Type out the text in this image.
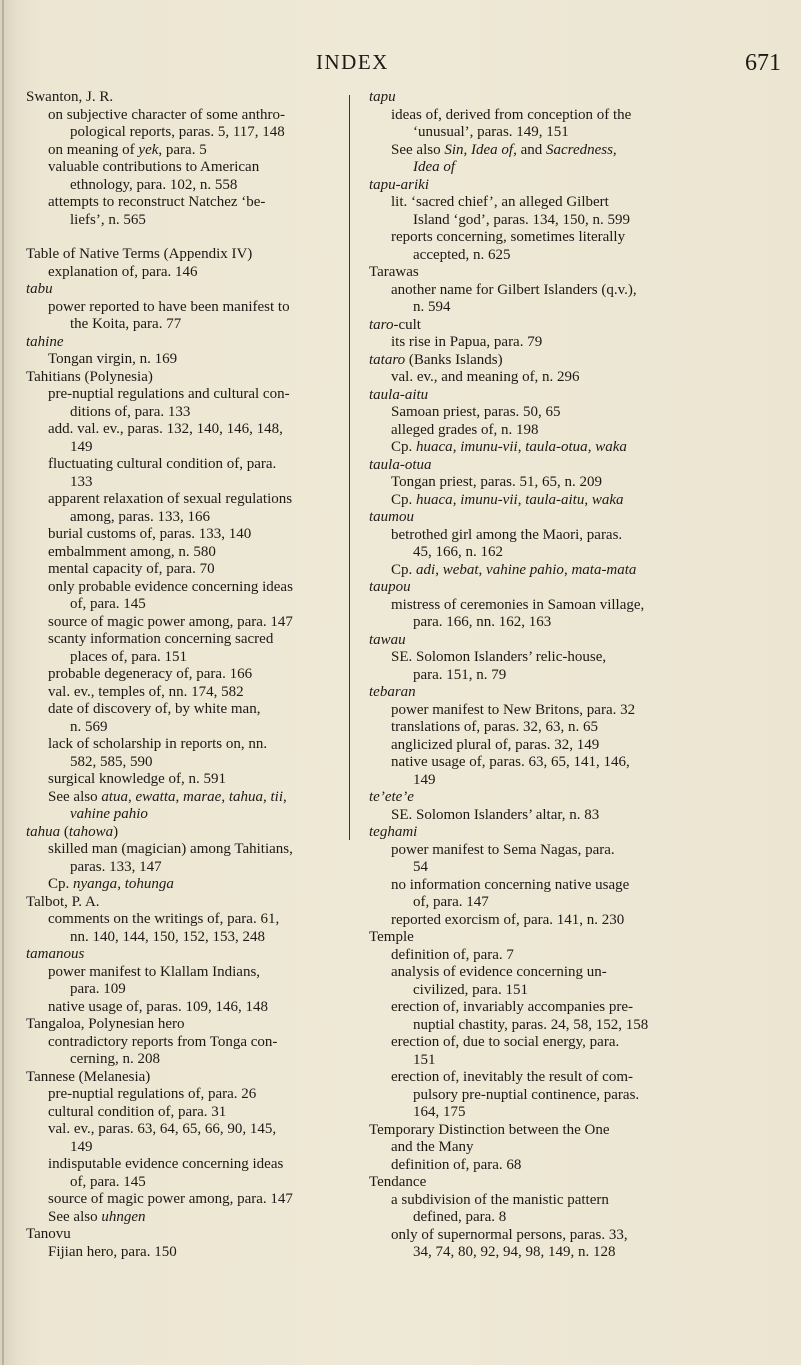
INDEX	671
Swanton, J. R.
on subjective character of some anthro-
pological reports, paras. 5, 117, 148
on meaning of yek, para. 5
valuable contributions to American
ethnology, para. 102, n. 558
attempts to reconstruct Natchez ‘be-
liefs’, n. 565
Table of Native Terms (Appendix IV)
explanation of, para. 146
tabu
power reported to have been manifest to
the Koita, para. 77
tahine
Tongan virgin, n. 169
Tahitians (Polynesia)
pre-nuptial regulations and cultural con-
ditions of, para. 133
add. val. ev., paras. 132, 140, 146, 148,
149
fluctuating cultural condition of, para.
133
apparent relaxation of sexual regulations
among, paras. 133, 166
burial customs of, paras. 133, 140
embalmment among, n. 580
mental capacity of, para. 70
only probable evidence concerning ideas
of, para. 145
source of magic power among, para. 147
scanty information concerning sacred
places of, para. 151
probable degeneracy of, para. 166
val. ev., temples of, nn. 174, 582
date of discovery of, by white man,
n. 569
lack of scholarship in reports on, nn.
582, 585, 590
surgical knowledge of, n. 591
See also atua, ewatta, marae, tahua, tii,
vahine pahio
tahua (tahowa)
skilled man (magician) among Tahitians,
paras. 133, 147
Cp. nyanga, tohunga
Talbot, P. A.
comments on the writings of, para. 61,
nn. 140, 144, 150, 152, 153, 248
tamanous
power manifest to Klallam Indians,
para. 109
native usage of, paras. 109, 146, 148
Tangaloa, Polynesian hero
contradictory reports from Tonga con-
cerning, n. 208
Tannese (Melanesia)
pre-nuptial regulations of, para. 26
cultural condition of, para. 31
val. ev., paras. 63, 64, 65, 66, 90, 145,
149
indisputable evidence concerning ideas
of, para. 145
source of magic power among, para. 147
See also uhngen
Tanovu
Fijian hero, para. 150
tapu
ideas of, derived from conception of the
‘unusual’, paras. 149, 151
See also Sin, Idea of, and Sacredness,
Idea of
tapu-ariki
lit. ‘sacred chief’, an alleged Gilbert
Island ‘god’, paras. 134, 150, n. 599
reports concerning, sometimes literally
accepted, n. 625
Tarawas
another name for Gilbert Islanders (q.v.),
n. 594
taro-cult
its rise in Papua, para. 79
tataro (Banks Islands)
val. ev., and meaning of, n. 296
taula-aitu
Samoan priest, paras. 50, 65
alleged grades of, n. 198
Cp. huaca, imunu-vii, taula-otua, waka
taula-otua
Tongan priest, paras. 51, 65, n. 209
Cp. huaca, imunu-vii, taula-aitu, waka
taumou
betrothed girl among the Maori, paras.
45, 166, n. 162
Cp. adi, webat, vahine pahio, mata-mata
taupou
mistress of ceremonies in Samoan village,
para. 166, nn. 162, 163
tawau
SE. Solomon Islanders’ relic-house,
para. 151, n. 79
tebaran
power manifest to New Britons, para. 32
translations of, paras. 32, 63, n. 65
anglicized plural of, paras. 32, 149
native usage of, paras. 63, 65, 141, 146,
149
te’ete’e
SE. Solomon Islanders’ altar, n. 83
teghami
power manifest to Sema Nagas, para.
54
no information concerning native usage
of, para. 147
reported exorcism of, para. 141, n. 230
Temple
definition of, para. 7
analysis of evidence concerning un-
civilized, para. 151
erection of, invariably accompanies pre-
nuptial chastity, paras. 24, 58, 152, 158
erection of, due to social energy, para.
151
erection of, inevitably the result of com-
pulsory pre-nuptial continence, paras.
164, 175
Temporary Distinction between the One
and the Many
definition of, para. 68
Tendance
a subdivision of the manistic pattern
defined, para. 8
only of supernormal persons, paras. 33,
34, 74, 80, 92, 94, 98, 149, n. 128
